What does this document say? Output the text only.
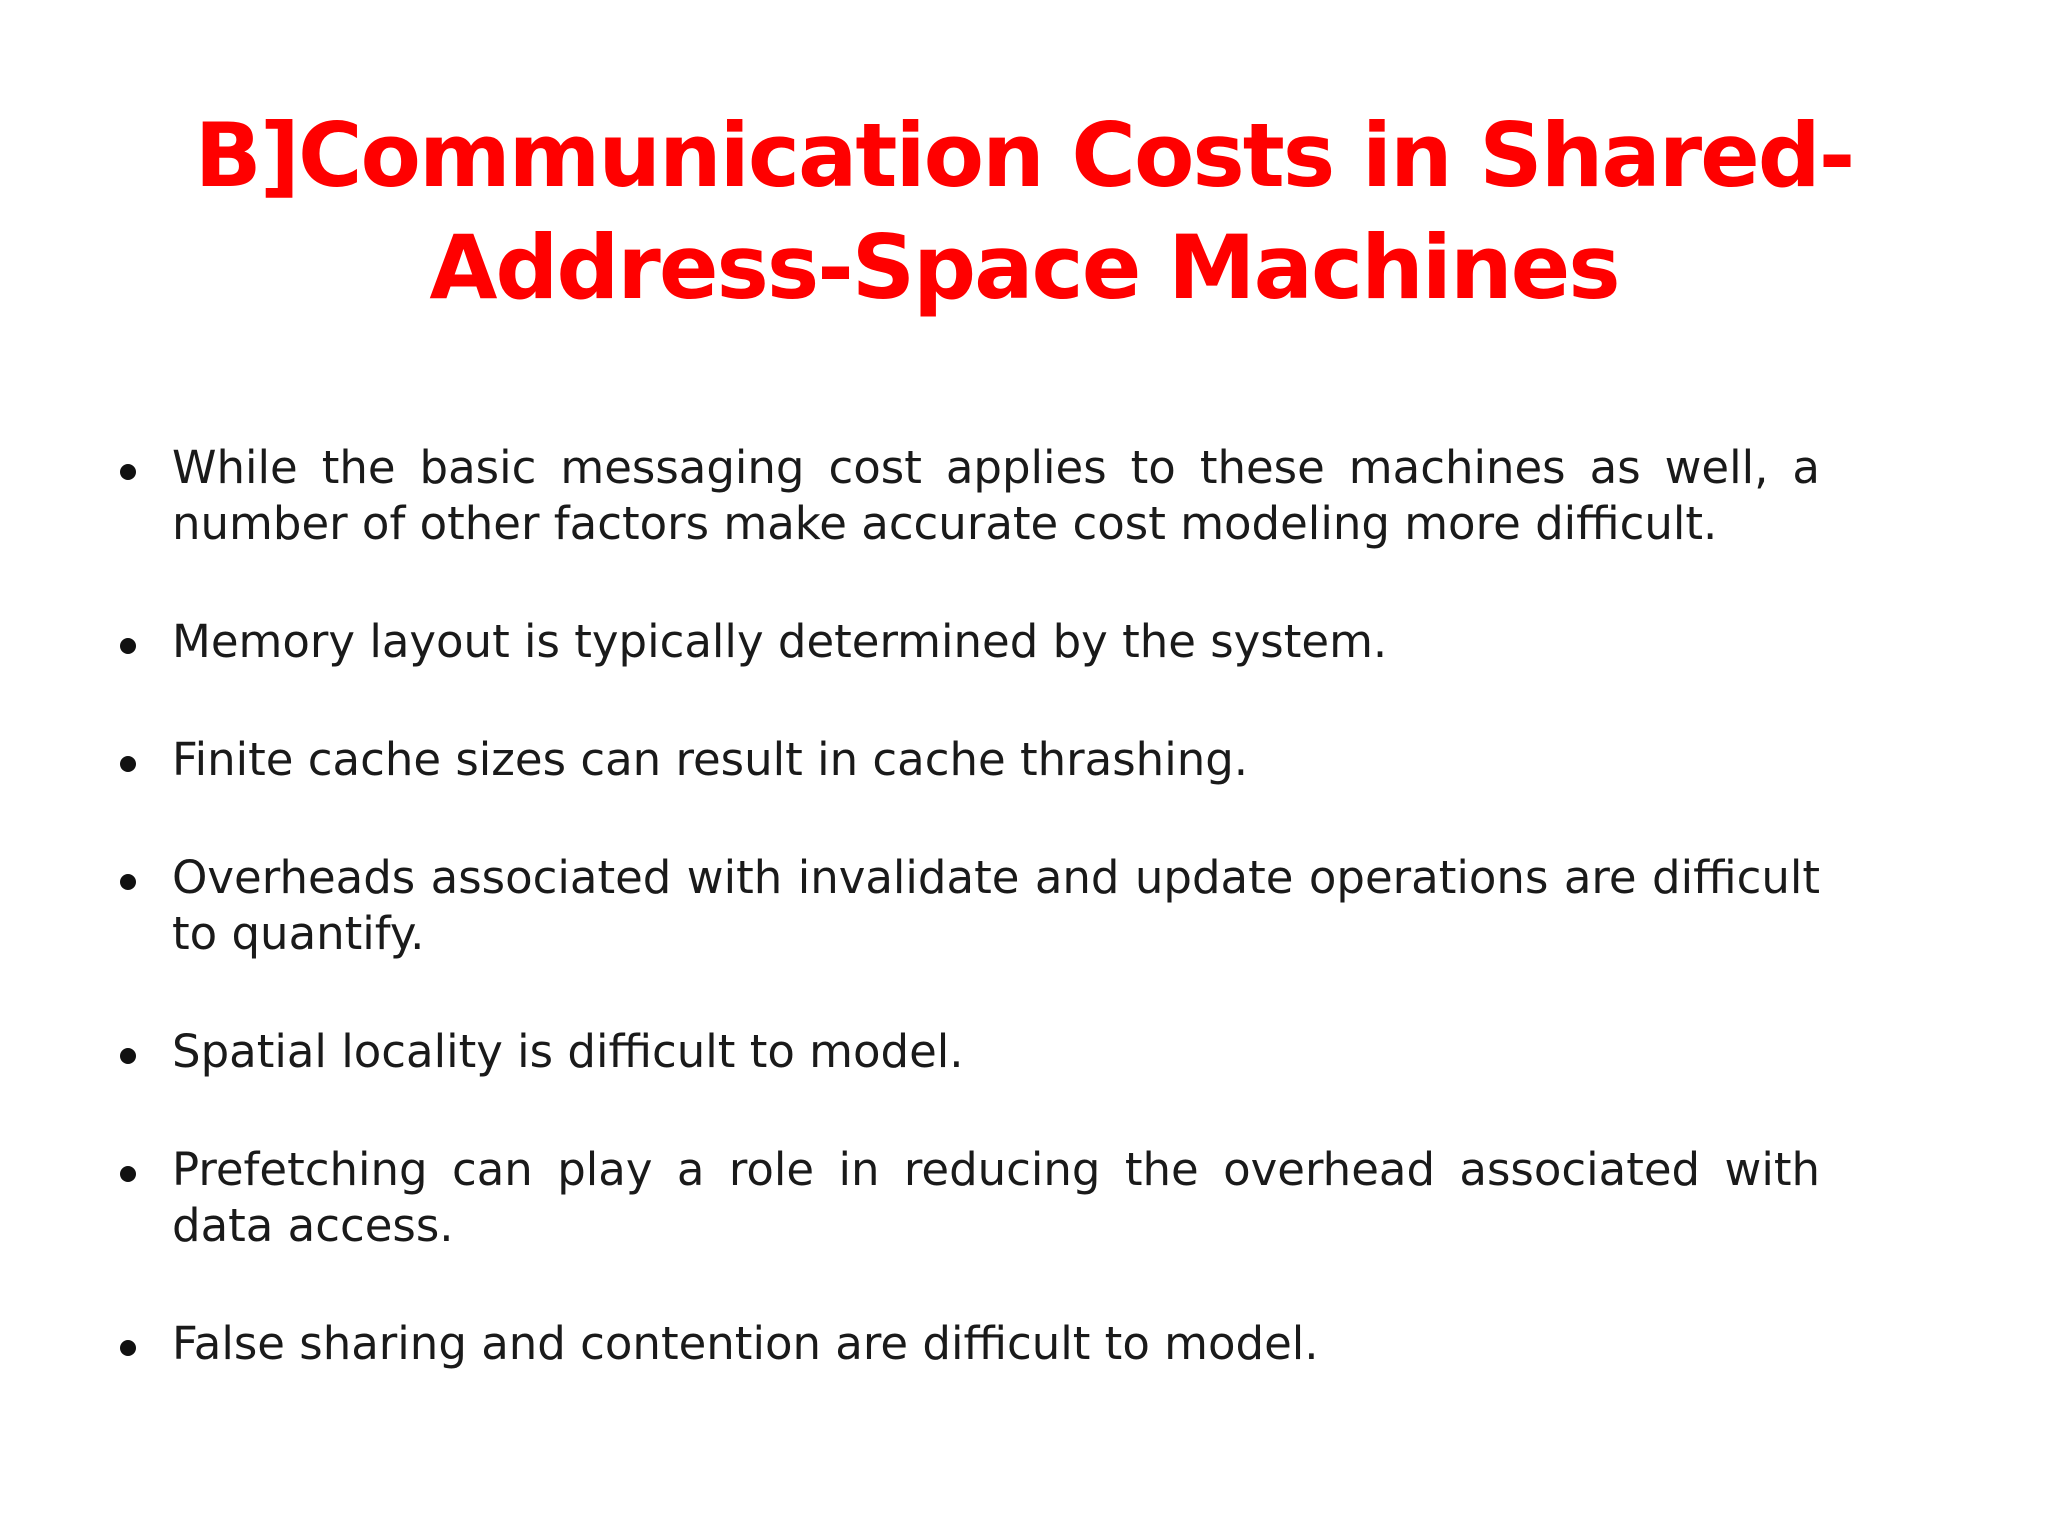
B]Communication Costs in Shared-Address-Space Machines
While the basic messaging cost applies to these machines as well, a number of other factors make accurate cost modeling more difficult.
Memory layout is typically determined by the system.
Finite cache sizes can result in cache thrashing.
Overheads associated with invalidate and update operations are difficult to quantify.
Spatial locality is difficult to model.
Prefetching can play a role in reducing the overhead associated with data access.
False sharing and contention are difficult to model.
